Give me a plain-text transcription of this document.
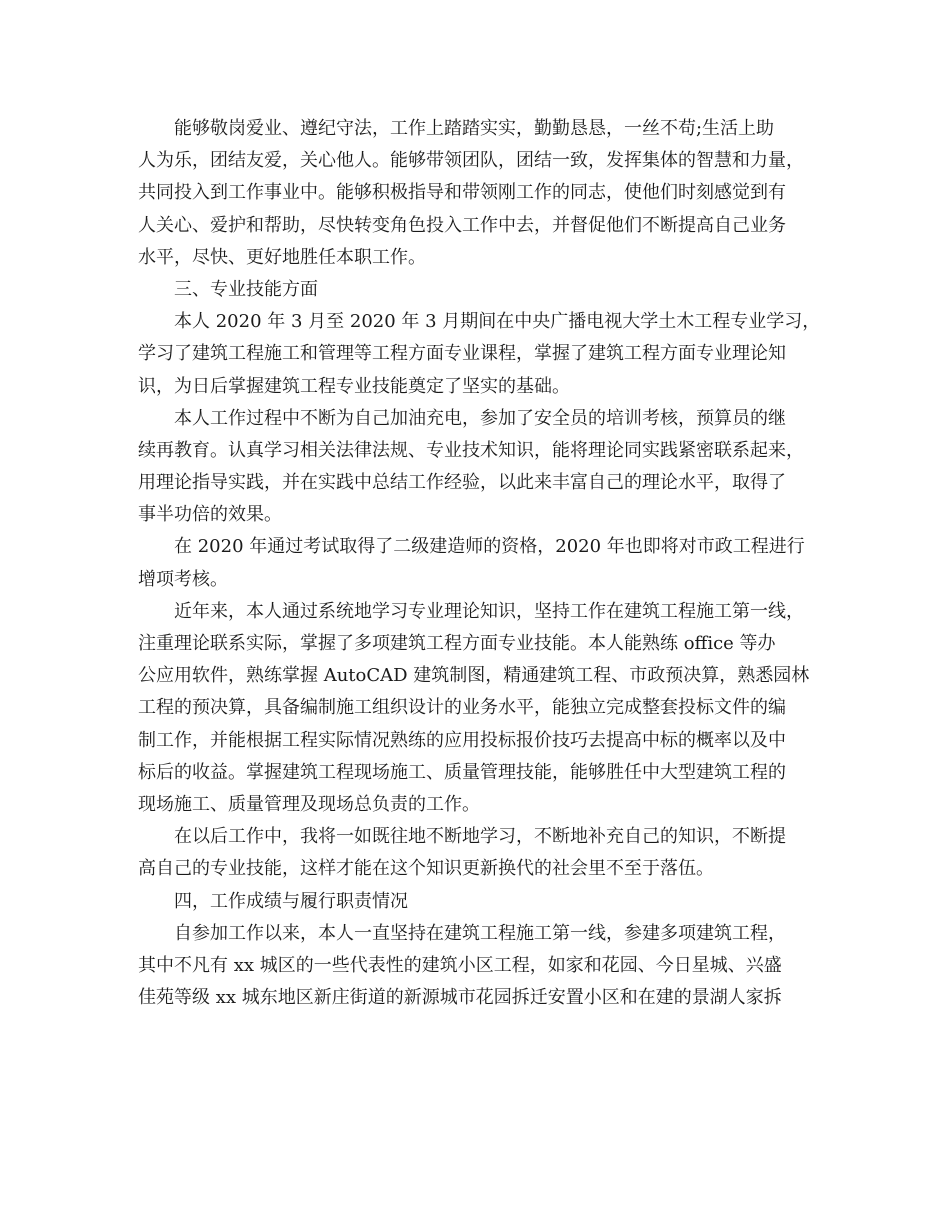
能够敬岗爱业、遵纪守法，工作上踏踏实实，勤勤恳恳，一丝不苟;生活上助
人为乐，团结友爱，关心他人。能够带领团队，团结一致，发挥集体的智慧和力量，
共同投入到工作事业中。能够积极指导和带领刚工作的同志，使他们时刻感觉到有
人关心、爱护和帮助，尽快转变角色投入工作中去，并督促他们不断提高自己业务
水平，尽快、更好地胜任本职工作。

三、专业技能方面

本人 2020 年 3 月至 2020 年 3 月期间在中央广播电视大学土木工程专业学习，
学习了建筑工程施工和管理等工程方面专业课程，掌握了建筑工程方面专业理论知
识，为日后掌握建筑工程专业技能奠定了坚实的基础。

本人工作过程中不断为自己加油充电，参加了安全员的培训考核，预算员的继
续再教育。认真学习相关法律法规、专业技术知识，能将理论同实践紧密联系起来，
用理论指导实践，并在实践中总结工作经验，以此来丰富自己的理论水平，取得了
事半功倍的效果。

在 2020 年通过考试取得了二级建造师的资格，2020 年也即将对市政工程进行
增项考核。

近年来，本人通过系统地学习专业理论知识，坚持工作在建筑工程施工第一线，
注重理论联系实际，掌握了多项建筑工程方面专业技能。本人能熟练 office 等办
公应用软件，熟练掌握 AutoCAD 建筑制图，精通建筑工程、市政预决算，熟悉园林
工程的预决算，具备编制施工组织设计的业务水平，能独立完成整套投标文件的编
制工作，并能根据工程实际情况熟练的应用投标报价技巧去提高中标的概率以及中
标后的收益。掌握建筑工程现场施工、质量管理技能，能够胜任中大型建筑工程的
现场施工、质量管理及现场总负责的工作。

在以后工作中，我将一如既往地不断地学习，不断地补充自己的知识，不断提
高自己的专业技能，这样才能在这个知识更新换代的社会里不至于落伍。

四，工作成绩与履行职责情况

自参加工作以来，本人一直坚持在建筑工程施工第一线，参建多项建筑工程，
其中不凡有 xx 城区的一些代表性的建筑小区工程，如家和花园、今日星城、兴盛
佳苑等级 xx 城东地区新庄街道的新源城市花园拆迁安置小区和在建的景湖人家拆
